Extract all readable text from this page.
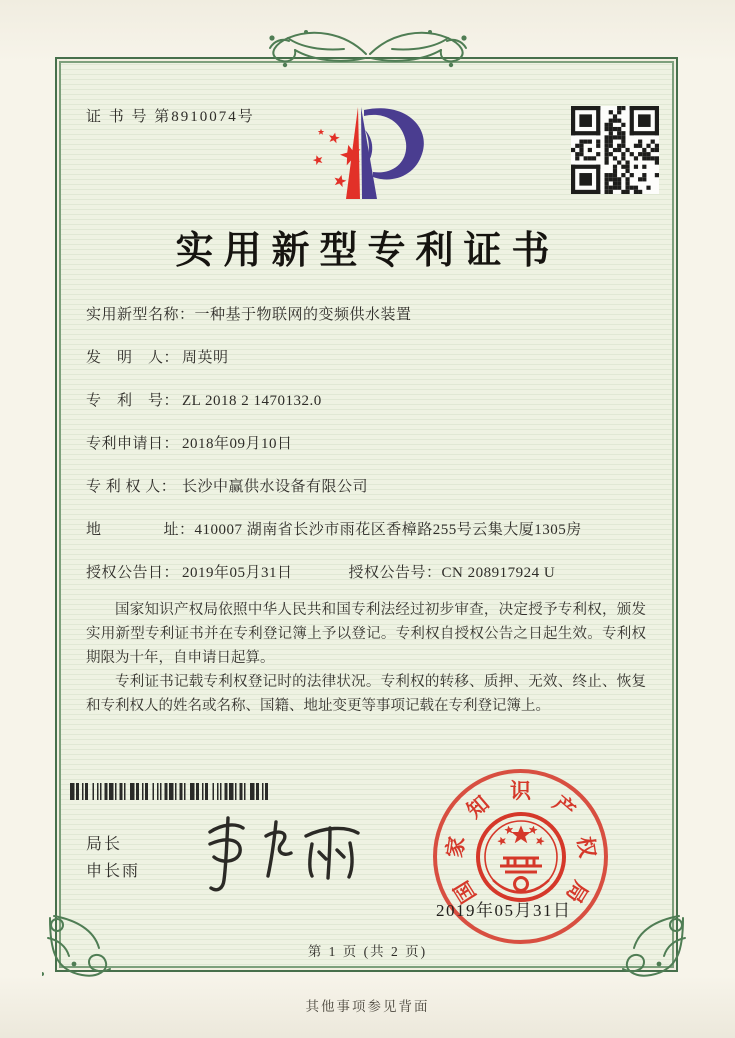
证 书 号 第8910074号
实用新型专利证书
实用新型名称：一种基于物联网的变频供水装置
发　明　人： 周英明
专　利　号： ZL 2018 2 1470132.0
专利申请日： 2018年09月10日
专 利 权 人： 长沙中赢供水设备有限公司
地　　　　址：410007 湖南省长沙市雨花区香樟路255号云集大厦1305房
授权公告日： 2019年05月31日	授权公告号：CN 208917924 U

国家知识产权局依照中华人民共和国专利法经过初步审查，决定授予专利权，颁发实用新型专利证书并在专利登记簿上予以登记。专利权自授权公告之日起生效。专利权期限为十年，自申请日起算。

专利证书记载专利权登记时的法律状况。专利权的转移、质押、无效、终止、恢复和专利权人的姓名或名称、国籍、地址变更等事项记载在专利登记簿上。

局长
申长雨
国
家
知 识 产
权
局
2019年05月31日
第 1 页 (共 2 页)
其他事项参见背面
